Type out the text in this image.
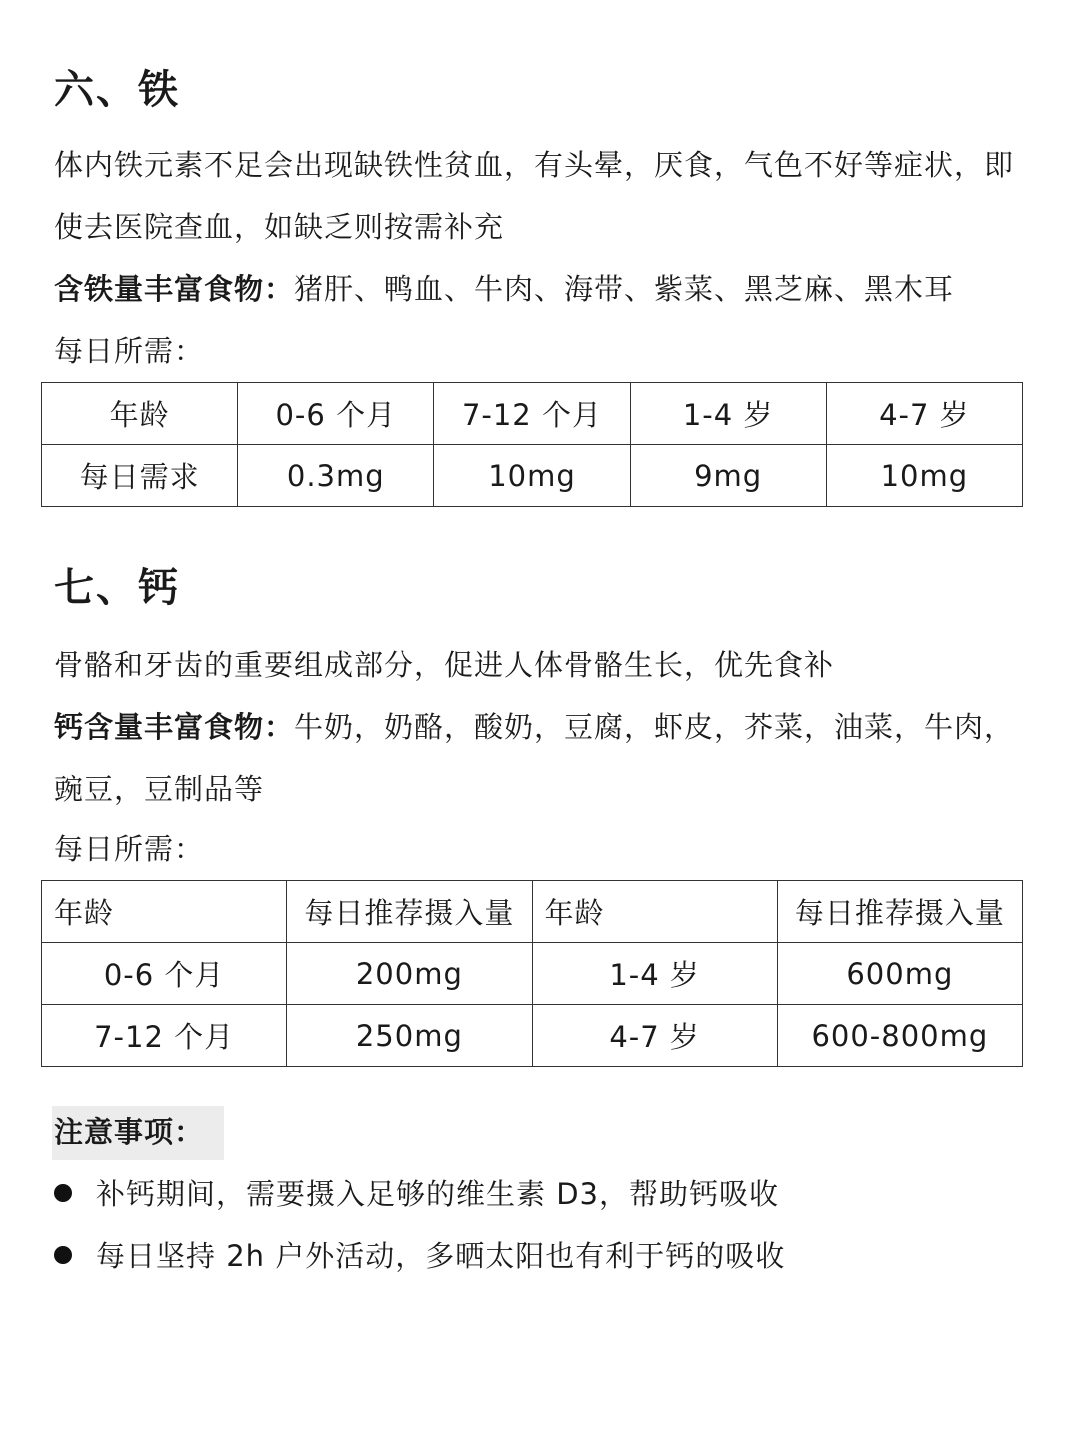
六、铁

体内铁元素不足会出现缺铁性贫血，有头晕，厌食，气色不好等症状，即使去医院查血，如缺乏则按需补充

含铁量丰富食物：猪肝、鸭血、牛肉、海带、紫菜、黑芝麻、黑木耳

每日所需：

年龄	0-6 个月	7-12 个月	1-4 岁	4-7 岁
每日需求	0.3mg	10mg	9mg	10mg
七、钙

骨骼和牙齿的重要组成部分，促进人体骨骼生长，优先食补

钙含量丰富食物：牛奶，奶酪，酸奶，豆腐，虾皮，芥菜，油菜，牛肉，豌豆，豆制品等

每日所需：

年龄	每日推荐摄入量	年龄	每日推荐摄入量
0-6 个月	200mg	1-4 岁	600mg
7-12 个月	250mg	4-7 岁	600-800mg
注意事项：
补钙期间，需要摄入足够的维生素 D3，帮助钙吸收
每日坚持 2h 户外活动，多晒太阳也有利于钙的吸收
